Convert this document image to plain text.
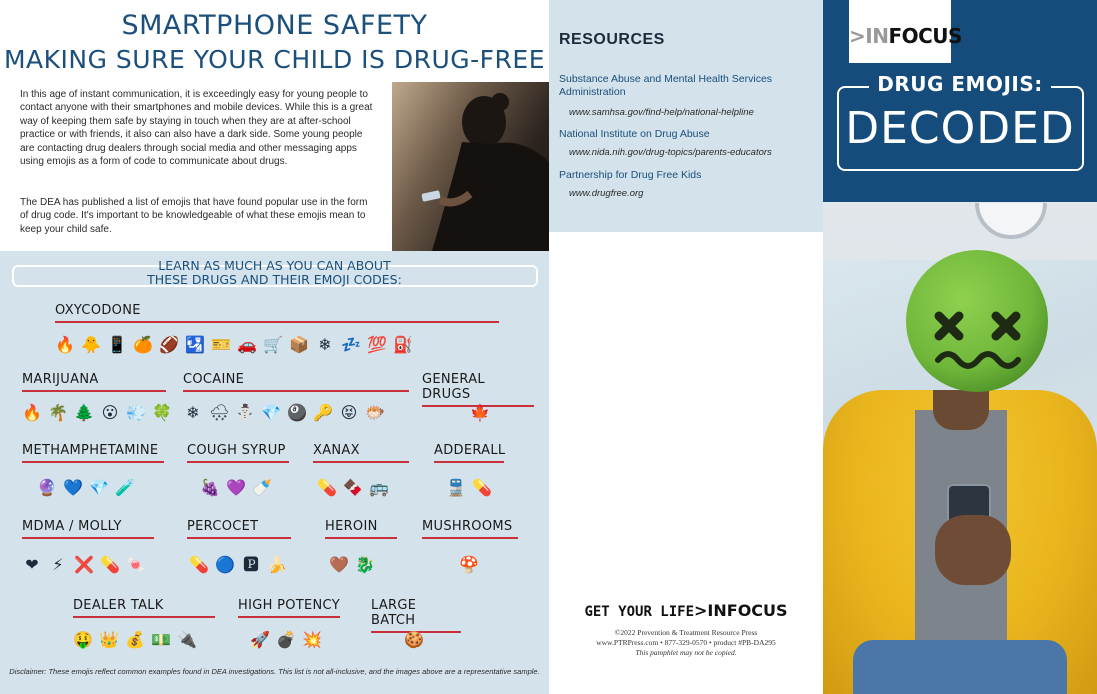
SMARTPHONE SAFETY
MAKING SURE YOUR CHILD IS DRUG-FREE

In this age of instant communication, it is exceedingly easy for young people to contact anyone with their smartphones and mobile devices. While this is a great way of keeping them safe by staying in touch when they are at after-school practice or with friends, it also can also have a dark side. Some young people are contacting drug dealers through social media and other messaging apps using emojis as a form of code to communicate about drugs.

The DEA has published a list of emojis that have found popular use in the form of drug code. It's important to be knowledgeable of what these emojis mean to keep your child safe.

LEARN AS MUCH AS YOU CAN ABOUT
THESE DRUGS AND THEIR EMOJI CODES:
OXYCODONE
🔥 🐥 📱 🍊 🏈 🛂 🎫 🚗 🛒 📦 ❄ 💤 💯 ⛽
MARIJUANA
🔥 🌴 🌲 😮 💨 🍀
COCAINE
❄ 🌨 ⛄ 💎 🎱 🔑 😝 🐡
GENERAL DRUGS
🍁
METHAMPHETAMINE
🔮 💙 💎 🧪
COUGH SYRUP
🍇 💜 🍼
XANAX
💊 🍫 🚌
ADDERALL
🚆 💊
MDMA / MOLLY
❤ ⚡ ❌ 💊 🍬
PERCOCET
💊 🔵 🅿 🍌
HEROIN
🤎 🐉
MUSHROOMS
🍄
DEALER TALK
🤑 👑 💰 💵 🔌
HIGH POTENCY
🚀 💣 💥
LARGE BATCH
🍪
Disclaimer: These emojis reflect common examples found in DEA investigations. This list is not all-inclusive, and the images above are a representative sample.
RESOURCES
Substance Abuse and Mental Health Services Administration
www.samhsa.gov/find-help/national-helpline
National Institute on Drug Abuse
www.nida.nih.gov/drug-topics/parents-educators
Partnership for Drug Free Kids
www.drugfree.org
GET YOUR LIFE>INFOCUS
©2022 Prevention & Treatment Resource Press
www.PTRPress.com • 877-329-0570 • product #PB-DA295
This pamphlet may not be copied.
>INFOCUS
DRUG EMOJIS:
DECODED
